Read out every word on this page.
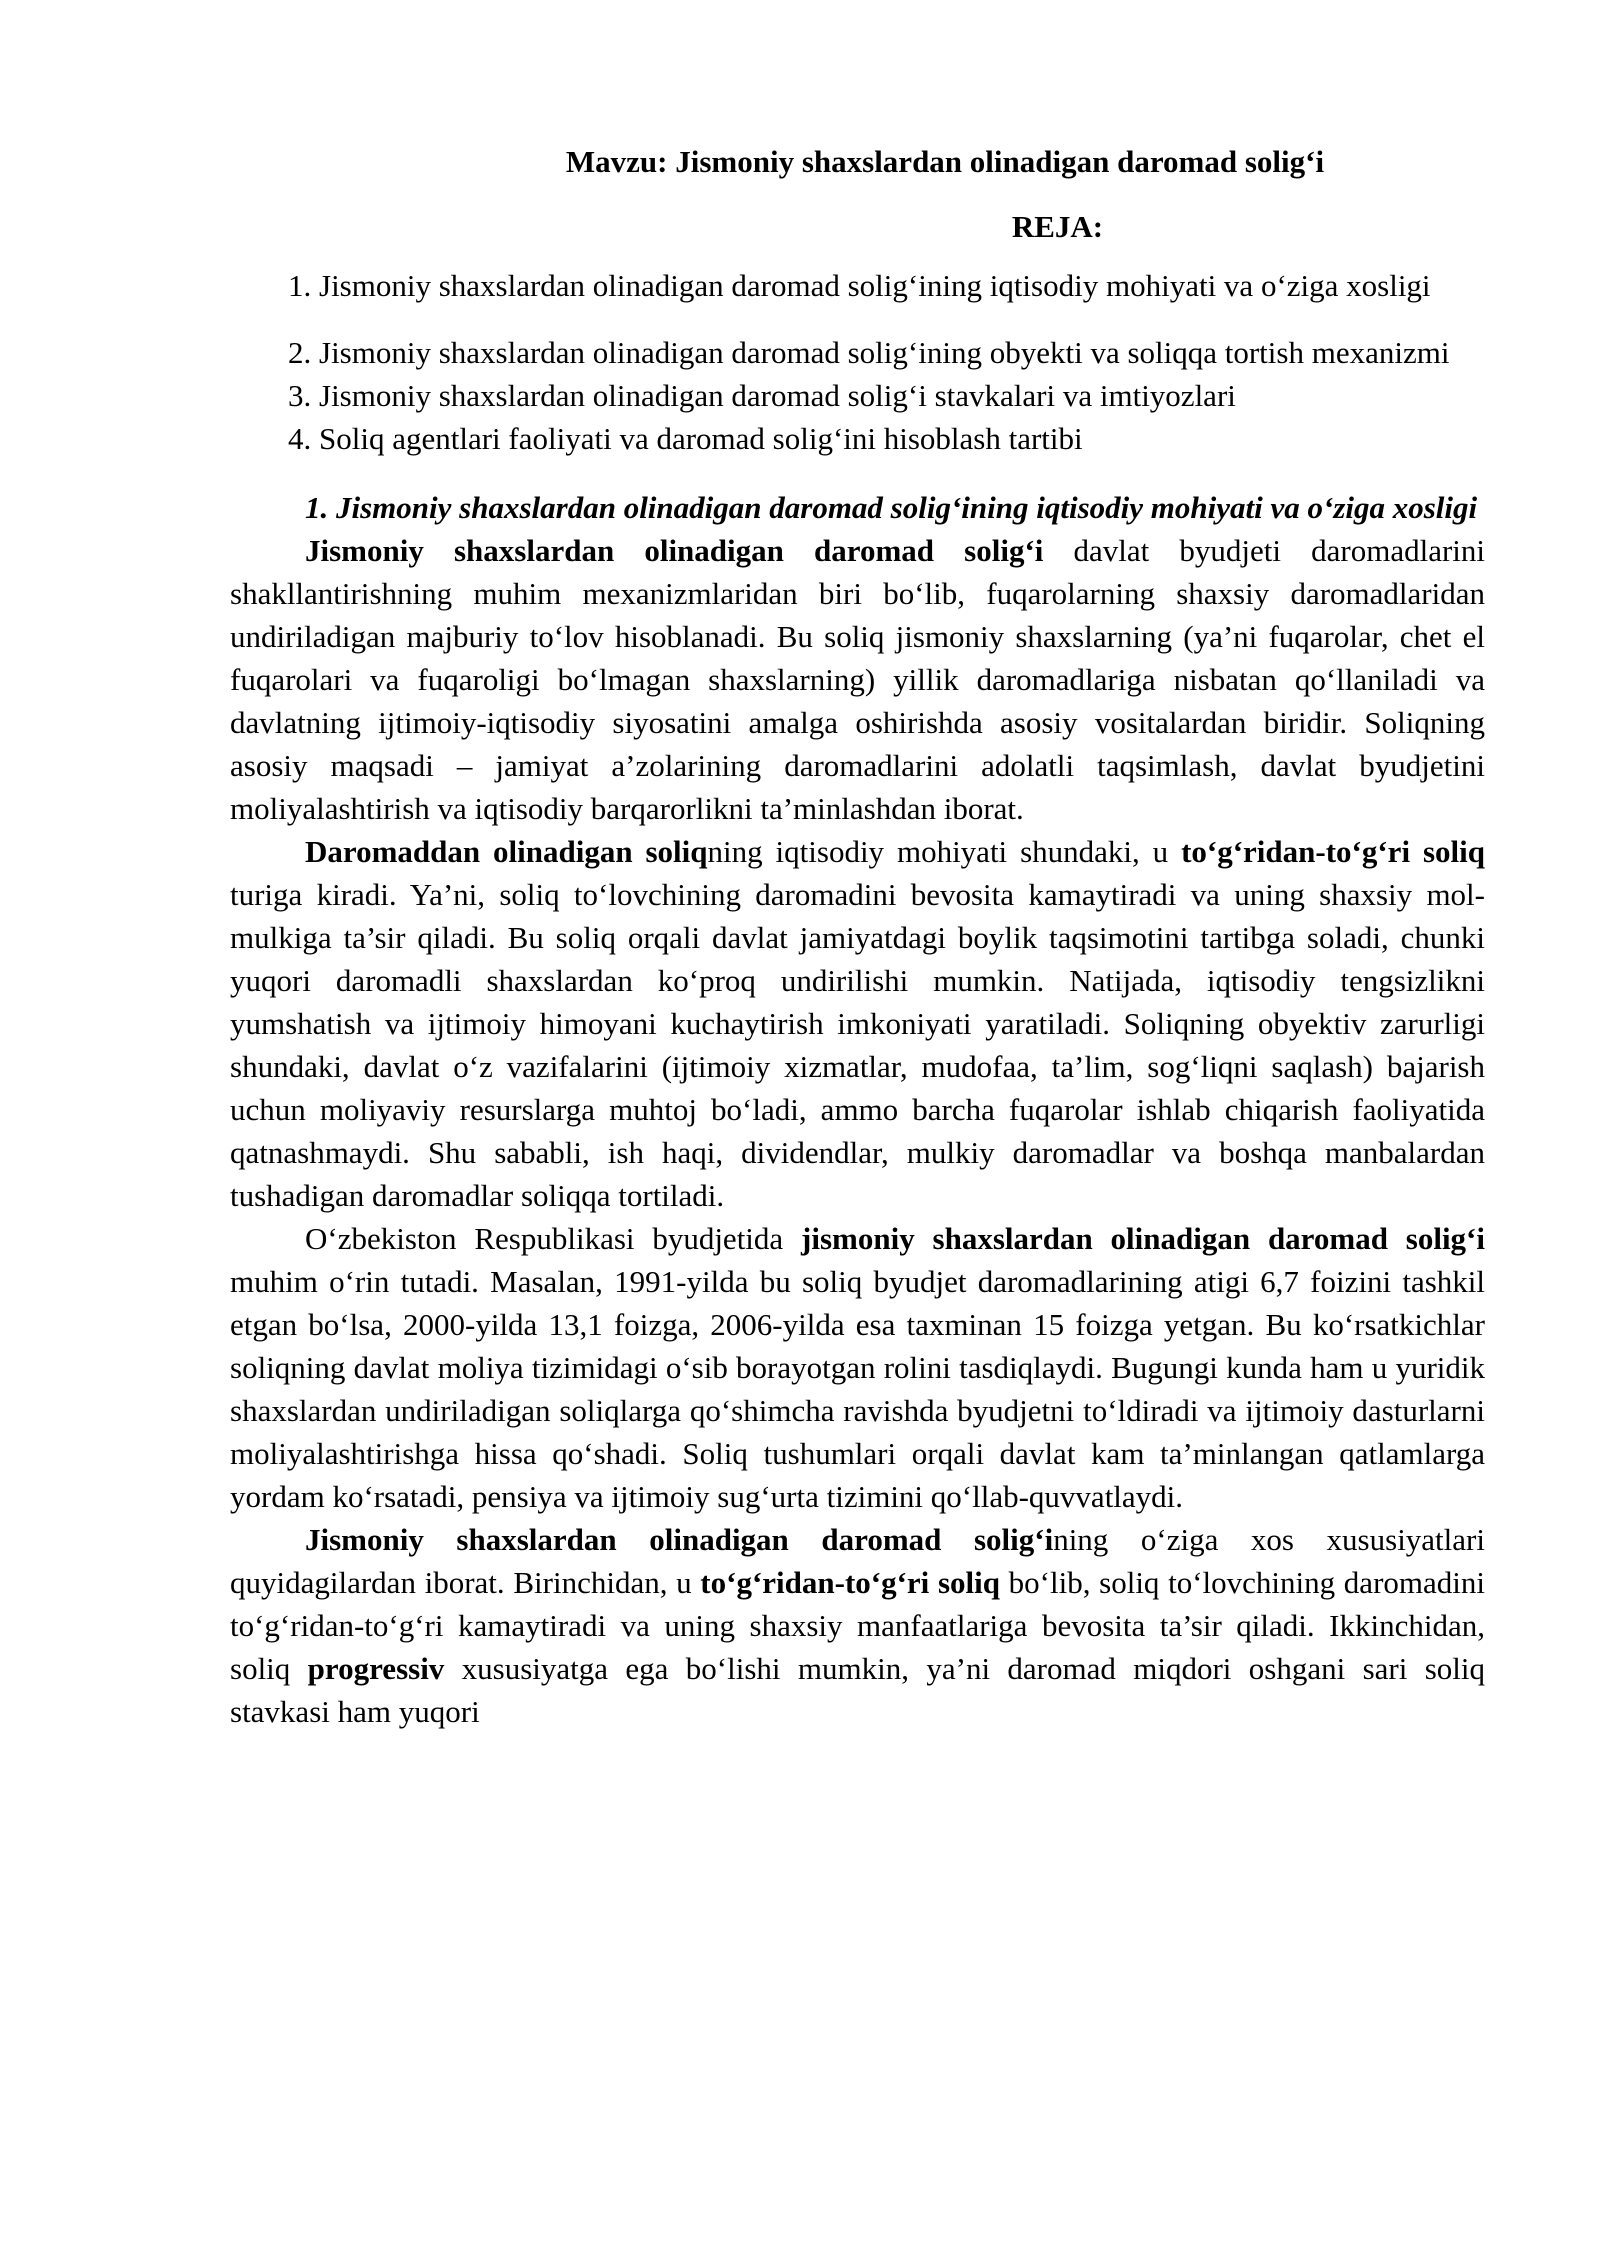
Mavzu: Jismoniy shaxslardan olinadigan daromad solig‘i

REJA:

1. Jismoniy shaxslardan olinadigan daromad solig‘ining iqtisodiy mohiyati va o‘ziga xosligi

2. Jismoniy shaxslardan olinadigan daromad solig‘ining obyekti va soliqqa tortish mexanizmi

3. Jismoniy shaxslardan olinadigan daromad solig‘i stavkalari va imtiyozlari

4. Soliq agentlari faoliyati va daromad solig‘ini hisoblash tartibi

1. Jismoniy shaxslardan olinadigan daromad solig‘ining iqtisodiy mohiyati va o‘ziga xosligi

Jismoniy shaxslardan olinadigan daromad solig‘i davlat byudjeti daromadlarini shakllantirishning muhim mexanizmlaridan biri bo‘lib, fuqarolarning shaxsiy daromadlaridan undiriladigan majburiy to‘lov hisoblanadi. Bu soliq jismoniy shaxslarning (ya’ni fuqarolar, chet el fuqarolari va fuqaroligi bo‘lmagan shaxslarning) yillik daromadlariga nisbatan qo‘llaniladi va davlatning ijtimoiy-iqtisodiy siyosatini amalga oshirishda asosiy vositalardan biridir. Soliqning asosiy maqsadi – jamiyat a’zolarining daromadlarini adolatli taqsimlash, davlat byudjetini moliyalashtirish va iqtisodiy barqarorlikni ta’minlashdan iborat.

Daromaddan olinadigan soliqning iqtisodiy mohiyati shundaki, u to‘g‘ridan-to‘g‘ri soliq turiga kiradi. Ya’ni, soliq to‘lovchining daromadini bevosita kamaytiradi va uning shaxsiy mol-mulkiga ta’sir qiladi. Bu soliq orqali davlat jamiyatdagi boylik taqsimotini tartibga soladi, chunki yuqori daromadli shaxslardan ko‘proq undirilishi mumkin. Natijada, iqtisodiy tengsizlikni yumshatish va ijtimoiy himoyani kuchaytirish imkoniyati yaratiladi. Soliqning obyektiv zarurligi shundaki, davlat o‘z vazifalarini (ijtimoiy xizmatlar, mudofaa, ta’lim, sog‘liqni saqlash) bajarish uchun moliyaviy resurslarga muhtoj bo‘ladi, ammo barcha fuqarolar ishlab chiqarish faoliyatida qatnashmaydi. Shu sababli, ish haqi, dividendlar, mulkiy daromadlar va boshqa manbalardan tushadigan daromadlar soliqqa tortiladi.

O‘zbekiston Respublikasi byudjetida jismoniy shaxslardan olinadigan daromad solig‘i muhim o‘rin tutadi. Masalan, 1991-yilda bu soliq byudjet daromadlarining atigi 6,7 foizini tashkil etgan bo‘lsa, 2000-yilda 13,1 foizga, 2006-yilda esa taxminan 15 foizga yetgan. Bu ko‘rsatkichlar soliqning davlat moliya tizimidagi o‘sib borayotgan rolini tasdiqlaydi. Bugungi kunda ham u yuridik shaxslardan undiriladigan soliqlarga qo‘shimcha ravishda byudjetni to‘ldiradi va ijtimoiy dasturlarni moliyalashtirishga hissa qo‘shadi. Soliq tushumlari orqali davlat kam ta’minlangan qatlamlarga yordam ko‘rsatadi, pensiya va ijtimoiy sug‘urta tizimini qo‘llab-quvvatlaydi.

Jismoniy shaxslardan olinadigan daromad solig‘ining o‘ziga xos xususiyatlari quyidagilardan iborat. Birinchidan, u to‘g‘ridan-to‘g‘ri soliq bo‘lib, soliq to‘lovchining daromadini to‘g‘ridan-to‘g‘ri kamaytiradi va uning shaxsiy manfaatlariga bevosita ta’sir qiladi. Ikkinchidan, soliq progressiv xususiyatga ega bo‘lishi mumkin, ya’ni daromad miqdori oshgani sari soliq stavkasi ham yuqori
